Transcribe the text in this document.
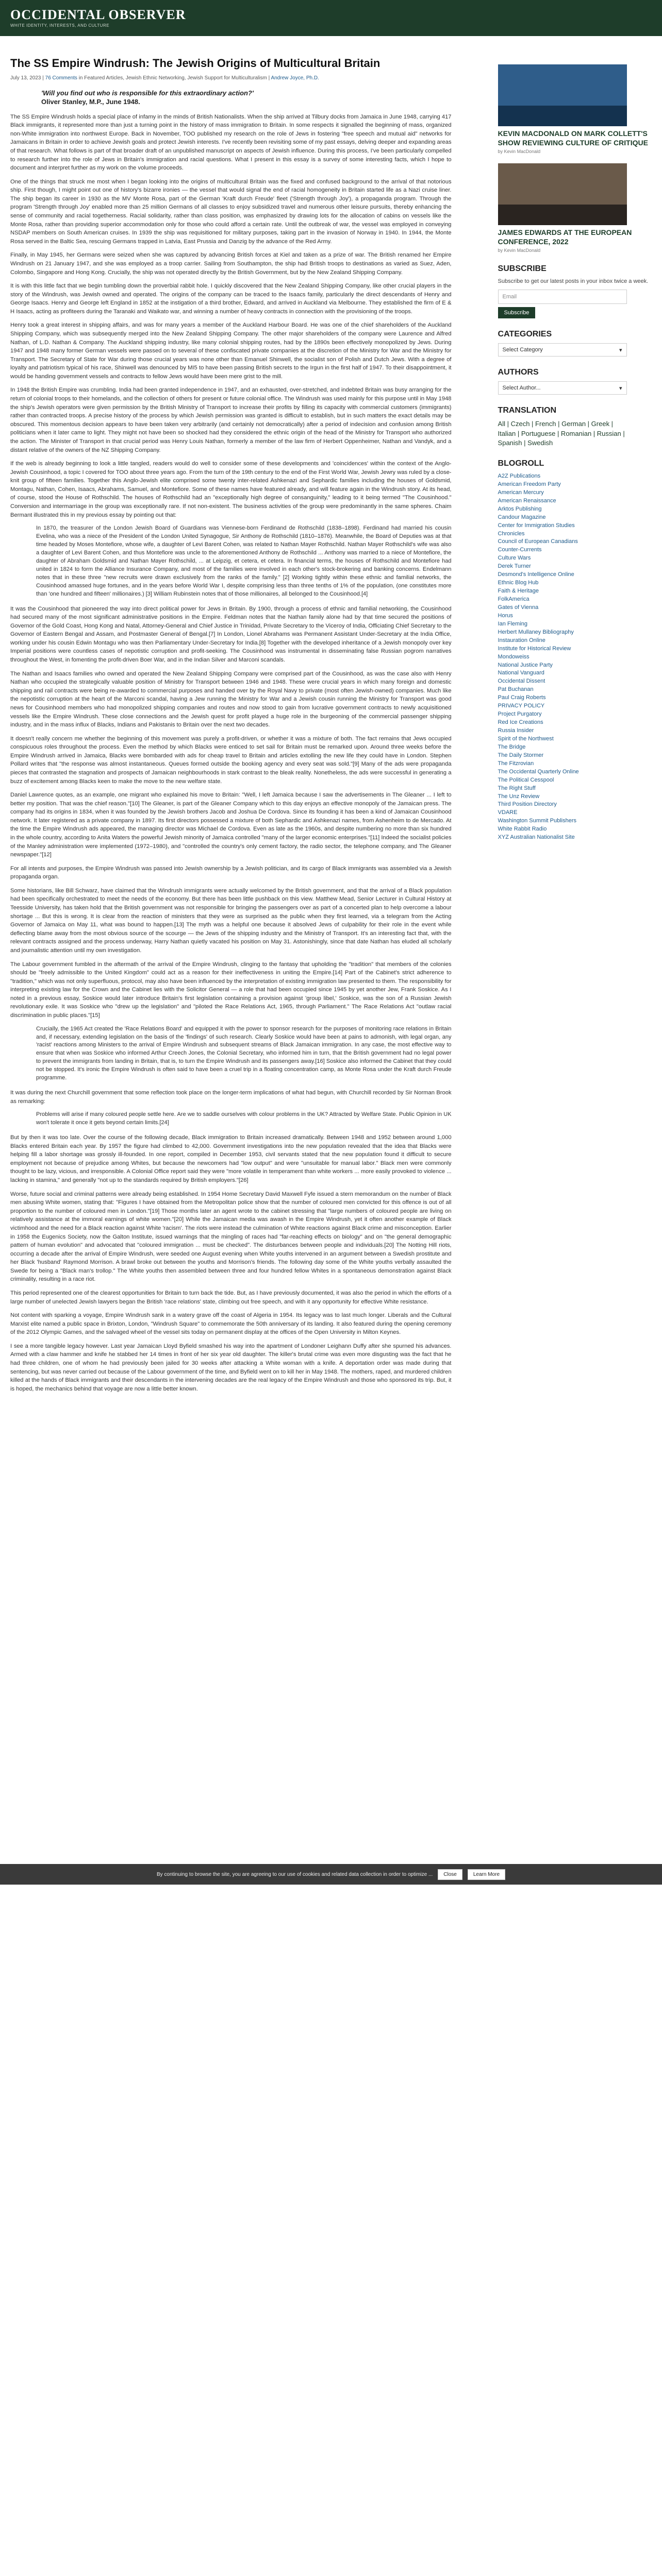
OCCIDENTAL OBSERVER
WHITE IDENTITY, INTERESTS, AND CULTURE
The SS Empire Windrush: The Jewish Origins of Multicultural Britain
July 13, 2023 | 76 Comments in Featured Articles, Jewish Ethnic Networking, Jewish Support for Multiculturalism | Andrew Joyce, Ph.D.
'Will you find out who is responsible for this extraordinary action?'
Oliver Stanley, M.P., June 1948.

The SS Empire Windrush holds a special place of infamy in the minds of British Nationalists. When the ship arrived at Tilbury docks from Jamaica in June 1948, carrying 417 Black immigrants, it represented more than just a turning point in the history of mass immigration to Britain. In some respects it signalled the beginning of mass, organized non-White immigration into northwest Europe. Back in November, TOO published my research on the role of Jews in fostering "free speech and mutual aid" networks for Jamaicans in Britain in order to achieve Jewish goals and protect Jewish interests. I've recently been revisiting some of my past essays, delving deeper and expanding areas of that research. What follows is part of that broader draft of an unpublished manuscript on aspects of Jewish influence. During this process, I've been particularly compelled to research further into the role of Jews in Britain's immigration and racial questions. What I present in this essay is a survey of some interesting facts, which I hope to document and interpret further as my work on the volume proceeds.

One of the things that struck me most when I began looking into the origins of multicultural Britain was the fixed and confused background to the arrival of that notorious ship. First though, I might point out one of history's bizarre ironies — the vessel that would signal the end of racial homogeneity in Britain started life as a Nazi cruise liner. The ship began its career in 1930 as the MV Monte Rosa, part of the German 'Kraft durch Freude' fleet ('Strength through Joy'), a propaganda program. Through the program 'Strength through Joy' enabled more than 25 million Germans of all classes to enjoy subsidized travel and numerous other leisure pursuits, thereby enhancing the sense of community and racial togetherness. Racial solidarity, rather than class position, was emphasized by drawing lots for the allocation of cabins on vessels like the Monte Rosa, rather than providing superior accommodation only for those who could afford a certain rate. Until the outbreak of war, the vessel was employed in conveying NSDAP members on South American cruises. In 1939 the ship was requisitioned for military purposes, taking part in the invasion of Norway in 1940. In 1944, the Monte Rosa served in the Baltic Sea, rescuing Germans trapped in Latvia, East Prussia and Danzig by the advance of the Red Army.

Finally, in May 1945, her Germans were seized when she was captured by advancing British forces at Kiel and taken as a prize of war. The British renamed her Empire Windrush on 21 January 1947, and she was employed as a troop carrier. Sailing from Southampton, the ship had British troops to destinations as varied as Suez, Aden, Colombo, Singapore and Hong Kong. Crucially, the ship was not operated directly by the British Government, but by the New Zealand Shipping Company.

It is with this little fact that we begin tumbling down the proverbial rabbit hole. I quickly discovered that the New Zealand Shipping Company, like other crucial players in the story of the Windrush, was Jewish owned and operated. The origins of the company can be traced to the Isaacs family, particularly the direct descendants of Henry and George Isaacs. Henry and George left England in 1852 at the instigation of a third brother, Edward, and arrived in Auckland via Melbourne. They established the firm of E & H Isaacs, acting as profiteers during the Taranaki and Waikato war, and winning a number of heavy contracts in connection with the provisioning of the troops.

Henry took a great interest in shipping affairs, and was for many years a member of the Auckland Harbour Board. He was one of the chief shareholders of the Auckland Shipping Company, which was subsequently merged into the New Zealand Shipping Company. The other major shareholders of the company were Laurence and Alfred Nathan, of L.D. Nathan & Company. The Auckland shipping industry, like many colonial shipping routes, had by the 1890s been effectively monopolized by Jews. During 1947 and 1948 many former German vessels were passed on to several of these confiscated private companies at the discretion of the Ministry for War and the Ministry for Transport. The Secretary of State for War during those crucial years was none other than Emanuel Shinwell, the socialist son of Polish and Dutch Jews. With a degree of loyalty and patriotism typical of his race, Shinwell was denounced by MI5 to have been passing British secrets to the Irgun in the first half of 1947. To their disappointment, it would be handing government vessels and contracts to fellow Jews would have been mere grist to the mill.

In 1948 the British Empire was crumbling. India had been granted independence in 1947, and an exhausted, over-stretched, and indebted Britain was busy arranging for the return of colonial troops to their homelands, and the collection of others for present or future colonial office. The Windrush was used mainly for this purpose until in May 1948 the ship's Jewish operators were given permission by the British Ministry of Transport to increase their profits by filling its capacity with commercial customers (immigrants) rather than contracted troops. A precise history of the process by which Jewish permission was granted is difficult to establish, but in such matters the exact details may be obscured. This momentous decision appears to have been taken very arbitrarily (and certainly not democratically) after a period of indecision and confusion among British politicians when it later came to light. They might not have been so shocked had they considered the ethnic origin of the head of the Ministry for Transport who authorized the action. The Minister of Transport in that crucial period was Henry Louis Nathan, formerly a member of the law firm of Herbert Oppenheimer, Nathan and Vandyk, and a distant relative of the owners of the NZ Shipping Company.

If the web is already beginning to look a little tangled, readers would do well to consider some of these developments and 'coincidences' within the context of the Anglo-Jewish Cousinhood, a topic I covered for TOO about three years ago. From the turn of the 19th century to the end of the First World War, Jewish Jewry was ruled by a close-knit group of fifteen families. Together this Anglo-Jewish elite comprised some twenty inter-related Ashkenazi and Sephardic families including the houses of Goldsmid, Montagu, Nathan, Cohen, Isaacs, Abrahams, Samuel, and Montefiore. Some of these names have featured already, and will feature again in the Windrush story. At its head, of course, stood the House of Rothschild. The houses of Rothschild had an "exceptionally high degree of consanguinity," leading to it being termed "The Cousinhood." Conversion and intermarriage in the group was exceptionally rare. If not non-existent. The business activities of the group were predominantly in the same spheres. Chaim Bermant illustrated this in my previous essay by pointing out that:

In 1870, the treasurer of the London Jewish Board of Guardians was Viennese-born Ferdinand de Rothschild (1838–1898). Ferdinand had married his cousin Evelina, who was a niece of the President of the London United Synagogue, Sir Anthony de Rothschild (1810–1876). Meanwhile, the Board of Deputies was at that time headed by Moses Montefiore, whose wife, a daughter of Levi Barent Cohen, was related to Nathan Mayer Rothschild. Nathan Mayer Rothschild's wife was also a daughter of Levi Barent Cohen, and thus Montefiore was uncle to the aforementioned Anthony de Rothschild ... Anthony was married to a niece of Montefiore, the daughter of Abraham Goldsmid and Nathan Mayer Rothschild, ... at Leipzig, et cetera, et cetera. In financial terms, the houses of Rothschild and Montefiore had united in 1824 to form the Alliance Insurance Company, and most of the families were involved in each other's stock-brokering and banking concerns. Endelmann notes that in these three "new recruits were drawn exclusively from the ranks of the family." [2] Working tightly within these ethnic and familial networks, the Cousinhood amassed huge fortunes, and in the years before World War I, despite comprising less than three tenths of 1% of the population, (one constitutes more than 'one hundred and fifteen' millionaires.) [3] William Rubinstein notes that of those millionaires, all belonged to the Cousinhood.[4]

It was the Cousinhood that pioneered the way into direct political power for Jews in Britain. By 1900, through a process of ethnic and familial networking, the Cousinhood had secured many of the most significant administrative positions in the Empire. Feldman notes that the Nathan family alone had by that time secured the positions of Governor of the Gold Coast, Hong Kong and Natal, Attorney-General and Chief Justice in Trinidad, Private Secretary to the Viceroy of India, Officiating Chief Secretary to the Governor of Eastern Bengal and Assam, and Postmaster General of Bengal.[7] In London, Lionel Abrahams was Permanent Assistant Under-Secretary at the India Office, working under his cousin Edwin Montagu who was then Parliamentary Under-Secretary for India.[8] Together with the developed inheritance of a Jewish monopoly over key Imperial positions were countless cases of nepotistic corruption and profit-seeking. The Cousinhood was instrumental in disseminating false Russian pogrom narratives throughout the West, in fomenting the profit-driven Boer War, and in the Indian Silver and Marconi scandals.

The Nathan and Isaacs families who owned and operated the New Zealand Shipping Company were comprised part of the Cousinhood, as was the case also with Henry Nathan who occupied the strategically valuable position of Ministry for Transport between 1946 and 1948. These were crucial years in which many foreign and domestic shipping and rail contracts were being re-awarded to commercial purposes and handed over by the Royal Navy to private (most often Jewish-owned) companies. Much like the nepotistic corruption at the heart of the Marconi scandal, having a Jew running the Ministry for War and a Jewish cousin running the Ministry for Transport was good news for Cousinhood members who had monopolized shipping companies and routes and now stood to gain from lucrative government contracts to newly acquisitioned vessels like the Empire Windrush. These close connections and the Jewish quest for profit played a huge role in the burgeoning of the commercial passenger shipping industry, and in the mass influx of Blacks, Indians and Pakistanis to Britain over the next two decades.

It doesn't really concern me whether the beginning of this movement was purely a profit-driven, or whether it was a mixture of both. The fact remains that Jews occupied conspicuous roles throughout the process. Even the method by which Blacks were enticed to set sail for Britain must be remarked upon. Around three weeks before the Empire Windrush arrived in Jamaica, Blacks were bombarded with ads for cheap travel to Britain and articles extolling the new life they could have in London. Stephen Pollard writes that "the response was almost instantaneous. Queues formed outside the booking agency and every seat was sold."[9] Many of the ads were propaganda pieces that contrasted the stagnation and prospects of Jamaican neighbourhoods in stark contrast to the bleak reality. Nonetheless, the ads were successful in generating a buzz of excitement among Blacks keen to make the move to the new welfare state.

Daniel Lawrence quotes, as an example, one migrant who explained his move to Britain: "Well, I left Jamaica because I saw the advertisements in The Gleaner ... I left to better my position. That was the chief reason."[10] The Gleaner, is part of the Gleaner Company which to this day enjoys an effective monopoly of the Jamaican press. The company had its origins in 1834, when it was founded by the Jewish brothers Jacob and Joshua De Cordova. Since its founding it has been a kind of Jamaican Cousinhood network. It later registered as a private company in 1897. Its first directors possessed a mixture of both Sephardic and Ashkenazi names, from Ashenheim to de Mercado. At the time the Empire Windrush ads appeared, the managing director was Michael de Cordova. Even as late as the 1960s, and despite numbering no more than six hundred in the whole country, according to Anita Waters the powerful Jewish minority of Jamaica controlled "many of the larger economic enterprises."[11] Indeed the socialist policies of the Manley administration were implemented (1972–1980), and "controlled the country's only cement factory, the radio sector, the telephone company, and The Gleaner newspaper."[12]

For all intents and purposes, the Empire Windrush was passed into Jewish ownership by a Jewish politician, and its cargo of Black immigrants was assembled via a Jewish propaganda organ.

Some historians, like Bill Schwarz, have claimed that the Windrush immigrants were actually welcomed by the British government, and that the arrival of a Black population had been specifically orchestrated to meet the needs of the economy. But there has been little pushback on this view. Matthew Mead, Senior Lecturer in Cultural History at Teesside University, has taken hold that the British government was not responsible for bringing the passengers over as part of a concerted plan to help overcome a labour shortage ... But this is wrong. It is clear from the reaction of ministers that they were as surprised as the public when they first learned, via a telegram from the Acting Governor of Jamaica on May 11, what was bound to happen.[13] The myth was a helpful one because it absolved Jews of culpability for their role in the event while deflecting blame away from the most obvious source of the scourge — the Jews of the shipping industry and the Ministry of Transport. It's an interesting fact that, with the relevant contracts assigned and the process underway, Harry Nathan quietly vacated his position on May 31. Astonishingly, since that date Nathan has eluded all scholarly and journalistic attention until my own investigation.

The Labour government fumbled in the aftermath of the arrival of the Empire Windrush, clinging to the fantasy that upholding the "tradition" that members of the colonies should be "freely admissible to the United Kingdom" could act as a reason for their ineffectiveness in uniting the Empire.[14] Part of the Cabinet's strict adherence to "tradition," which was not only superfluous, protocol, may also have been influenced by the interpretation of existing immigration law presented to them. The responsibility for interpreting existing law for the Crown and the Cabinet lies with the Solicitor General — a role that had been occupied since 1945 by yet another Jew, Frank Soskice. As I noted in a previous essay, Soskice would later introduce Britain's first legislation containing a provision against 'group libel,' Soskice, was the son of a Russian Jewish revolutionary exile. It was Soskice who "drew up the legislation" and "piloted the Race Relations Act, 1965, through Parliament." The Race Relations Act "outlaw racial discrimination in public places."[15]

Crucially, the 1965 Act created the 'Race Relations Board' and equipped it with the power to sponsor research for the purposes of monitoring race relations in Britain and, if necessary, extending legislation on the basis of the 'findings' of such research. Clearly Soskice would have been at pains to admonish, with legal organ, any 'racist' reactions among Ministers to the arrival of Empire Windrush and subsequent streams of Black Jamaican immigration. In any case, the most effective way to ensure that when was Soskice who informed Arthur Creech Jones, the Colonial Secretary, who informed him in turn, that the British government had no legal power to prevent the immigrants from landing in Britain, that is, to turn the Empire Windrush and its passengers away.[16] Soskice also informed the Cabinet that they could not be stopped. It's ironic the Empire Windrush is often said to have been a cruel trip in a floating concentration camp, as Monte Rosa under the Kraft durch Freude programme.

It was during the next Churchill government that some reflection took place on the longer-term implications of what had begun, with Churchill recorded by Sir Norman Brook as remarking:

Problems will arise if many coloured people settle here. Are we to saddle ourselves with colour problems in the UK? Attracted by Welfare State. Public Opinion in UK won't tolerate it once it gets beyond certain limits.[24]

But by then it was too late. Over the course of the following decade, Black immigration to Britain increased dramatically. Between 1948 and 1952 between around 1,000 Blacks entered Britain each year. By 1957 the figure had climbed to 42,000. Government investigations into the new population revealed that the idea that Blacks were helping fill a labor shortage was grossly ill-founded. In one report, compiled in December 1953, civil servants stated that the new population found it difficult to secure employment not because of prejudice among Whites, but because the newcomers had "low output" and were "unsuitable for manual labor." Black men were commonly thought to be lazy, vicious, and irresponsible. A Colonial Office report said they were "more volatile in temperament than white workers ... more easily provoked to violence ... lacking in stamina," and generally "not up to the standards required by British employers."[26]

Worse, future social and criminal patterns were already being established. In 1954 Home Secretary David Maxwell Fyfe issued a stern memorandum on the number of Black men abusing White women, stating that: "Figures I have obtained from the Metropolitan police show that the number of coloured men convicted for this offence is out of all proportion to the number of coloured men in London."[19] Those months later an agent wrote to the cabinet stressing that "large numbers of coloured people are living on relatively assistance at the immoral earnings of white women."[20] While the Jamaican media was awash in the Empire Windrush, yet it often another example of Black victimhood and the need for a Black reaction against White 'racism'. The riots were instead the culmination of White reactions against Black crime and misconception. Earlier in 1958 the Eugenics Society, now the Galton Institute, issued warnings that the mingling of races had "far-reaching effects on biology" and on "the general demographic pattern of human evolution" and advocated that "coloured immigration ... must be checked". The disturbances between people and individuals.[20] The Notting Hill riots, occurring a decade after the arrival of Empire Windrush, were seeded one August evening when White youths intervened in an argument between a Swedish prostitute and her Black 'husband' Raymond Morrison. A brawl broke out between the youths and Morrison's friends. The following day some of the White youths verbally assaulted the Swede for being a "Black man's trollop." The White youths then assembled between three and four hundred fellow Whites in a spontaneous demonstration against Black criminality, resulting in a race riot.

This period represented one of the clearest opportunities for Britain to turn back the tide. But, as I have previously documented, it was also the period in which the efforts of a large number of unelected Jewish lawyers began the British 'race relations' state, climbing out free speech, and with it any opportunity for effective White resistance.

Not content with sparking a voyage, Empire Windrush sank in a watery grave off the coast of Algeria in 1954. Its legacy was to last much longer. Liberals and the Cultural Marxist elite named a public space in Brixton, London, "Windrush Square" to commemorate the 50th anniversary of its landing. It also featured during the opening ceremony of the 2012 Olympic Games, and the salvaged wheel of the vessel sits today on permanent display at the offices of the Open University in Milton Keynes.

I see a more tangible legacy however. Last year Jamaican Lloyd Byfield smashed his way into the apartment of Londoner Leighann Duffy after she spurned his advances. Armed with a claw hammer and knife he stabbed her 14 times in front of her six year old daughter. The killer's brutal crime was even more disgusting was the fact that he had three children, one of whom he had previously been jailed for 30 weeks after attacking a White woman with a knife. A deportation order was made during that sentencing, but was never carried out because of the Labour government of the time, and Byfield went on to kill her in May 1948. The mothers, raped, and murdered children killed at the hands of Black immigrants and their descendants in the intervening decades are the real legacy of the Empire Windrush and those who sponsored its trip. But, it is hoped, the mechanics behind that voyage are now a little better known.

KEVIN MACDONALD ON MARK COLLETT'S SHOW REVIEWING CULTURE OF CRITIQUE
by Kevin MacDonald
JAMES EDWARDS AT THE EUROPEAN CONFERENCE, 2022
by Kevin MacDonald
SUBSCRIBE
Subscribe to get our latest posts in your inbox twice a week.
Email
Subscribe
CATEGORIES
Select Category	▾
AUTHORS
Select Author...	▾
TRANSLATION
All | Czech | French | German | Greek | Italian | Portuguese | Romanian | Russian | Spanish | Swedish
BLOGROLL
A2Z Publications
American Freedom Party
American Mercury
American Renaissance
Arktos Publishing
Candour Magazine
Center for Immigration Studies
Chronicles
Council of European Canadians
Counter-Currents
Culture Wars
Derek Turner
Desmond's Intelligence Online
Ethnic Blog Hub
Faith & Heritage
FolkAmerica
Gates of Vienna
Horus
Ian Fleming
Herbert Mullaney Bibliography
Instauration Online
Institute for Historical Review
Mondoweiss
National Justice Party
National Vanguard
Occidental Dissent
Pat Buchanan
Paul Craig Roberts
PRIVACY POLICY
Project Purgatory
Red Ice Creations
Russia Insider
Spirit of the Northwest
The Bridge
The Daily Stormer
The Fitzrovian
The Occidental Quarterly Online
The Political Cesspool
The Right Stuff
The Unz Review
Third Position Directory
VDARE
Washington Summit Publishers
White Rabbit Radio
XYZ Australian Nationalist Site
By continuing to browse the site, you are agreeing to our use of cookies and related data collection in order to optimize ...	Close	Learn More
